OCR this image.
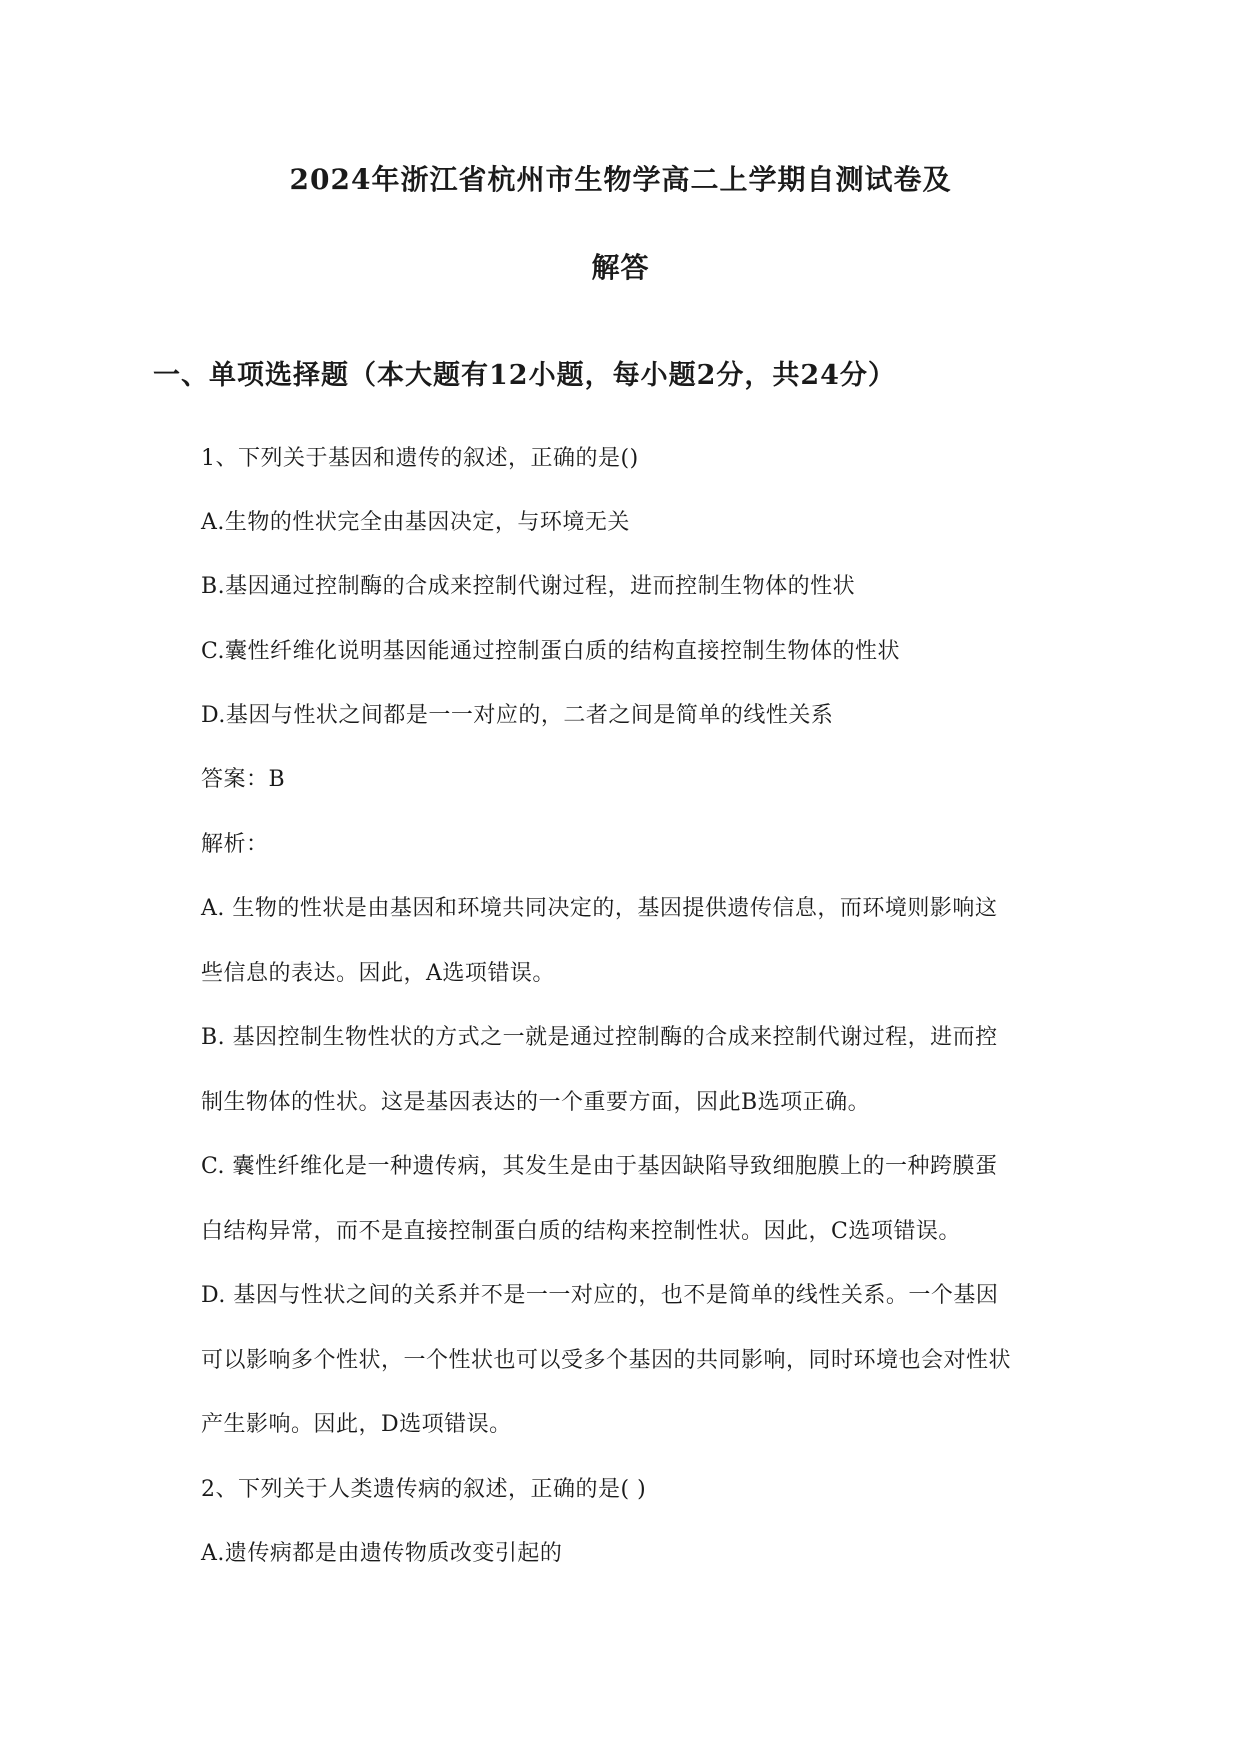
2024年浙江省杭州市生物学高二上学期自测试卷及
解答
一、单项选择题（本大题有12小题，每小题2分，共24分）
1、下列关于基因和遗传的叙述，正确的是()
A.生物的性状完全由基因决定，与环境无关
B.基因通过控制酶的合成来控制代谢过程，进而控制生物体的性状
C.囊性纤维化说明基因能通过控制蛋白质的结构直接控制生物体的性状
D.基因与性状之间都是一一对应的，二者之间是简单的线性关系
答案：B
解析：
A. 生物的性状是由基因和环境共同决定的，基因提供遗传信息，而环境则影响这
些信息的表达。因此，A选项错误。
B. 基因控制生物性状的方式之一就是通过控制酶的合成来控制代谢过程，进而控
制生物体的性状。这是基因表达的一个重要方面，因此B选项正确。
C. 囊性纤维化是一种遗传病，其发生是由于基因缺陷导致细胞膜上的一种跨膜蛋
白结构异常，而不是直接控制蛋白质的结构来控制性状。因此，C选项错误。
D. 基因与性状之间的关系并不是一一对应的，也不是简单的线性关系。一个基因
可以影响多个性状，一个性状也可以受多个基因的共同影响，同时环境也会对性状
产生影响。因此，D选项错误。
2、下列关于人类遗传病的叙述，正确的是( )
A.遗传病都是由遗传物质改变引起的
